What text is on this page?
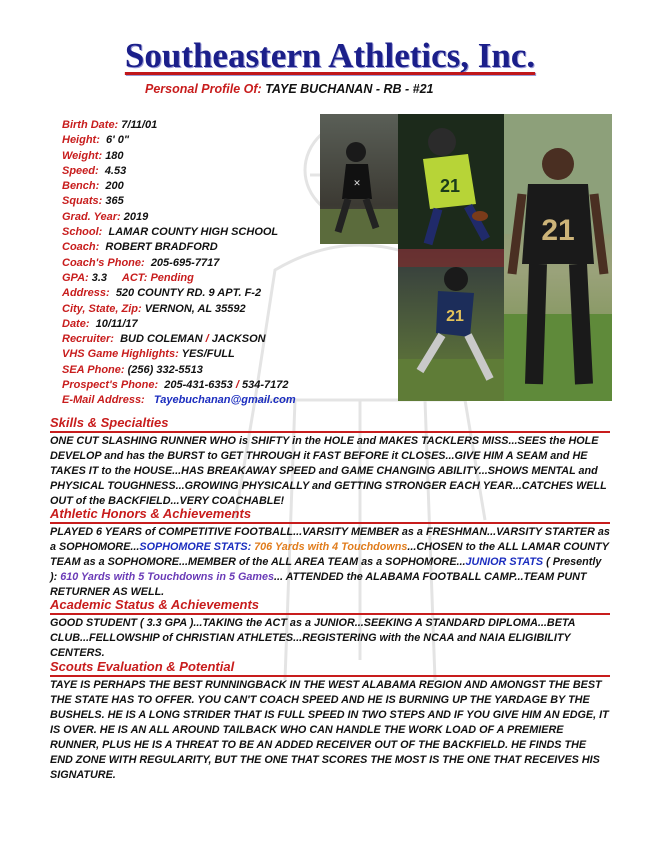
Southeastern Athletics, Inc.
Personal Profile Of: TAYE BUCHANAN - RB - #21
Birth Date: 7/11/01
Height: 6' 0"
Weight: 180
Speed: 4.53
Bench: 200
Squats: 365
Grad. Year: 2019
School: LAMAR COUNTY HIGH SCHOOL
Coach: ROBERT BRADFORD
Coach's Phone: 205-695-7717
GPA: 3.3 ACT: Pending
Address: 520 COUNTY RD. 9 APT. F-2
City, State, Zip: VERNON, AL 35592
Date: 10/11/17
Recruiter: BUD COLEMAN / JACKSON
VHS Game Highlights: YES/FULL
SEA Phone: (256) 332-5513
Prospect's Phone: 205-431-6353 / 534-7172
E-Mail Address: Tayebuchanan@gmail.com
✕	21
21
21
Skills & Specialties
ONE CUT SLASHING RUNNER WHO is SHIFTY in the HOLE and MAKES TACKLERS MISS...SEES the HOLE DEVELOP and has the BURST to GET THROUGH it FAST BEFORE it CLOSES...GIVE HIM A SEAM and HE TAKES IT to the HOUSE...HAS BREAKAWAY SPEED and GAME CHANGING ABILITY...SHOWS MENTAL and PHYSICAL TOUGHNESS...GROWING PHYSICALLY and GETTING STRONGER EACH YEAR...CATCHES WELL OUT of the BACKFIELD...VERY COACHABLE!
Athletic Honors & Achievements
PLAYED 6 YEARS of COMPETITIVE FOOTBALL...VARSITY MEMBER as a FRESHMAN...VARSITY STARTER as a SOPHOMORE...SOPHOMORE STATS: 706 Yards with 4 Touchdowns...CHOSEN to the ALL LAMAR COUNTY TEAM as a SOPHOMORE...MEMBER of the ALL AREA TEAM as a SOPHOMORE...JUNIOR STATS ( Presently ): 610 Yards with 5 Touchdowns in 5 Games... ATTENDED the ALABAMA FOOTBALL CAMP...TEAM PUNT RETURNER AS WELL.
Academic Status & Achievements
GOOD STUDENT ( 3.3 GPA )...TAKING the ACT as a JUNIOR...SEEKING A STANDARD DIPLOMA...BETA CLUB...FELLOWSHIP of CHRISTIAN ATHLETES...REGISTERING with the NCAA and NAIA ELIGIBILITY CENTERS.
Scouts Evaluation & Potential
TAYE IS PERHAPS THE BEST RUNNINGBACK IN THE WEST ALABAMA REGION AND AMONGST THE BEST THE STATE HAS TO OFFER. YOU CAN'T COACH SPEED AND HE IS BURNING UP THE YARDAGE BY THE BUSHELS. HE IS A LONG STRIDER THAT IS FULL SPEED IN TWO STEPS AND IF YOU GIVE HIM AN EDGE, IT IS OVER. HE IS AN ALL AROUND TAILBACK WHO CAN HANDLE THE WORK LOAD OF A PREMIERE RUNNER, PLUS HE IS A THREAT TO BE AN ADDED RECEIVER OUT OF THE BACKFIELD. HE FINDS THE END ZONE WITH REGULARITY, BUT THE ONE THAT SCORES THE MOST IS THE ONE THAT RECEIVES HIS SIGNATURE.
